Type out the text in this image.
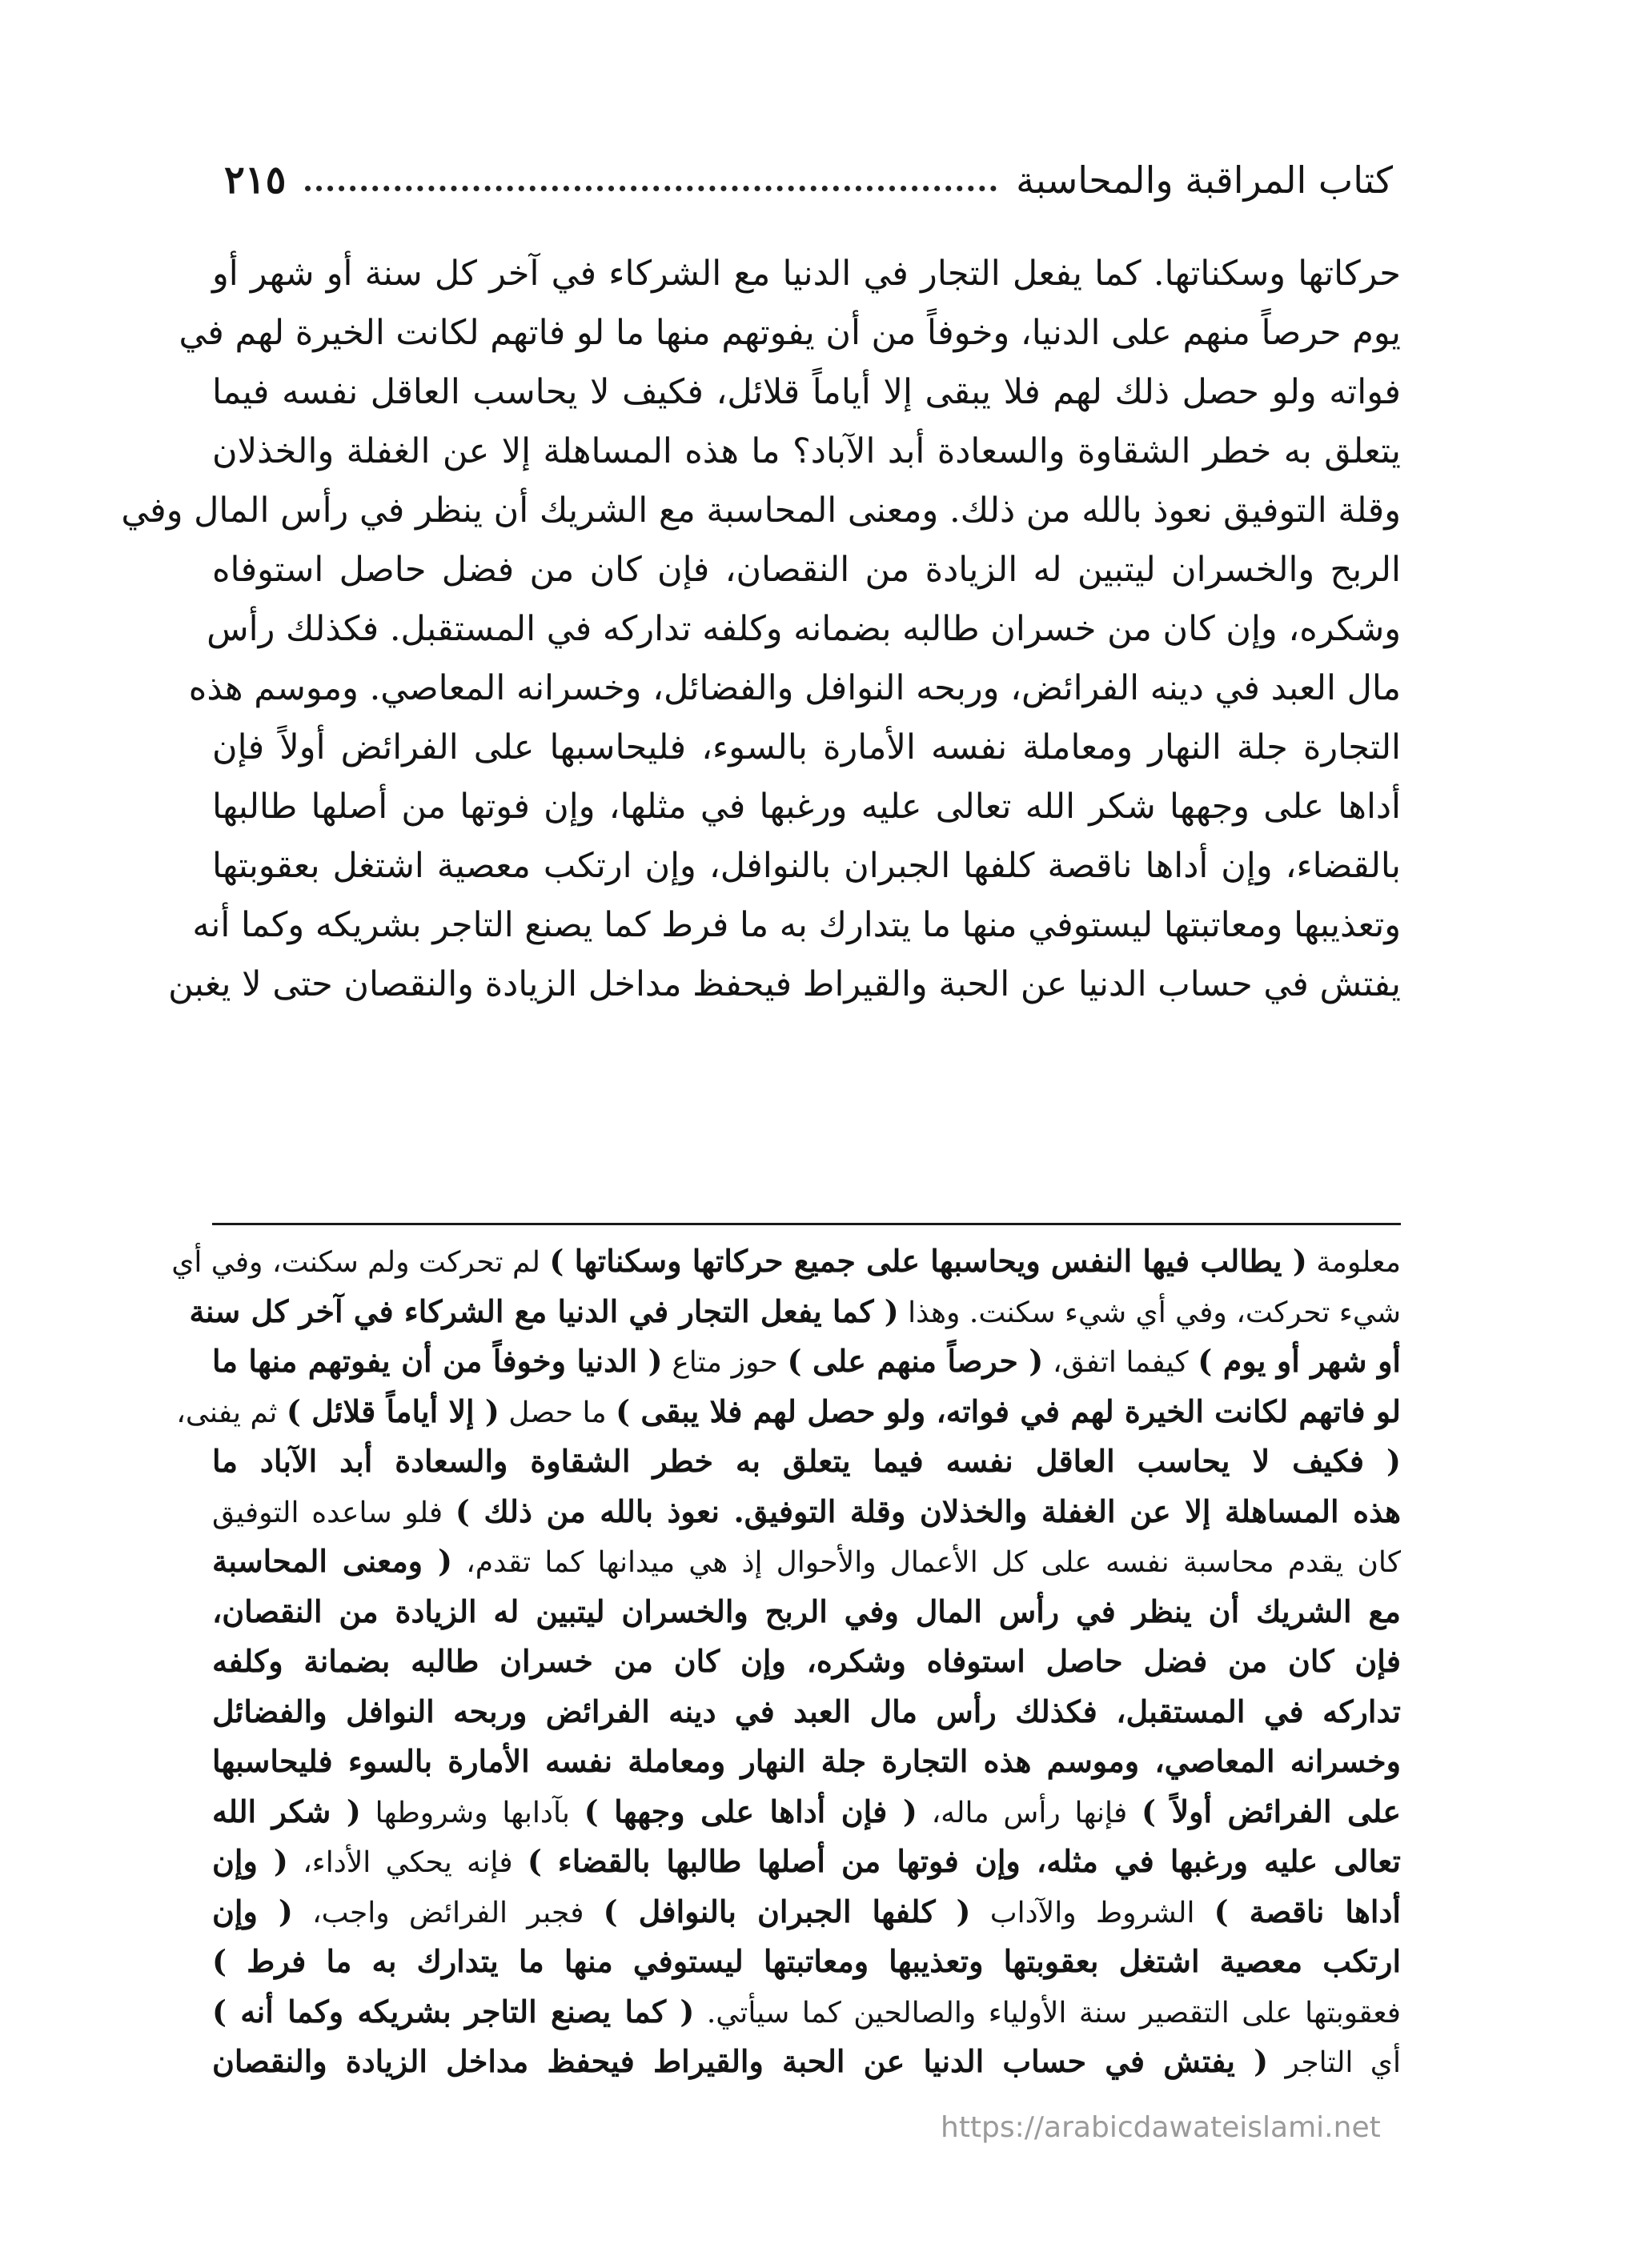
كتاب المراقبة والمحاسبة
٢١٥
حركاتها وسكناتها. كما يفعل التجار في الدنيا مع الشركاء في آخر كل سنة أو شهر أو
يوم حرصاً منهم على الدنيا، وخوفاً من أن يفوتهم منها ما لو فاتهم لكانت الخيرة لهم في
فواته ولو حصل ذلك لهم فلا يبقى إلا أياماً قلائل، فكيف لا يحاسب العاقل نفسه فيما
يتعلق به خطر الشقاوة والسعادة أبد الآباد؟ ما هذه المساهلة إلا عن الغفلة والخذلان
وقلة التوفيق نعوذ بالله من ذلك. ومعنى المحاسبة مع الشريك أن ينظر في رأس المال وفي
الربح والخسران ليتبين له الزيادة من النقصان، فإن كان من فضل حاصل استوفاه
وشكره، وإن كان من خسران طالبه بضمانه وكلفه تداركه في المستقبل. فكذلك رأس
مال العبد في دينه الفرائض، وربحه النوافل والفضائل، وخسرانه المعاصي. وموسم هذه
التجارة جلة النهار ومعاملة نفسه الأمارة بالسوء، فليحاسبها على الفرائض أولاً فإن
أداها على وجهها شكر الله تعالى عليه ورغبها في مثلها، وإن فوتها من أصلها طالبها
بالقضاء، وإن أداها ناقصة كلفها الجبران بالنوافل، وإن ارتكب معصية اشتغل بعقوبتها
وتعذيبها ومعاتبتها ليستوفي منها ما يتدارك به ما فرط كما يصنع التاجر بشريكه وكما أنه
يفتش في حساب الدنيا عن الحبة والقيراط فيحفظ مداخل الزيادة والنقصان حتى لا يغبن
معلومة ( يطالب فيها النفس ويحاسبها على جميع حركاتها وسكناتها ) لم تحركت ولم سكنت، وفي أي
شيء تحركت، وفي أي شيء سكنت. وهذا ( كما يفعل التجار في الدنيا مع الشركاء في آخر كل سنة
أو شهر أو يوم ) كيفما اتفق، ( حرصاً منهم على ) حوز متاع ( الدنيا وخوفاً من أن يفوتهم منها ما
لو فاتهم لكانت الخيرة لهم في فواته، ولو حصل لهم فلا يبقى ) ما حصل ( إلا أياماً قلائل ) ثم يفنى،
( فكيف لا يحاسب العاقل نفسه فيما يتعلق به خطر الشقاوة والسعادة أبد الآباد ما
هذه المساهلة إلا عن الغفلة والخذلان وقلة التوفيق. نعوذ بالله من ذلك ) فلو ساعده التوفيق
كان يقدم محاسبة نفسه على كل الأعمال والأحوال إذ هي ميدانها كما تقدم، ( ومعنى المحاسبة
مع الشريك أن ينظر في رأس المال وفي الربح والخسران ليتبين له الزيادة من النقصان،
فإن كان من فضل حاصل استوفاه وشكره، وإن كان من خسران طالبه بضمانة وكلفه
تداركه في المستقبل، فكذلك رأس مال العبد في دينه الفرائض وربحه النوافل والفضائل
وخسرانه المعاصي، وموسم هذه التجارة جلة النهار ومعاملة نفسه الأمارة بالسوء فليحاسبها
على الفرائض أولاً ) فإنها رأس ماله، ( فإن أداها على وجهها ) بآدابها وشروطها ( شكر الله
تعالى عليه ورغبها في مثله، وإن فوتها من أصلها طالبها بالقضاء ) فإنه يحكي الأداء، ( وإن
أداها ناقصة ) الشروط والآداب ( كلفها الجبران بالنوافل ) فجبر الفرائض واجب، ( وإن
ارتكب معصية اشتغل بعقوبتها وتعذيبها ومعاتبتها ليستوفي منها ما يتدارك به ما فرط )
فعقوبتها على التقصير سنة الأولياء والصالحين كما سيأتي. ( كما يصنع التاجر بشريكه وكما أنه )
أي التاجر ( يفتش في حساب الدنيا عن الحبة والقيراط فيحفظ مداخل الزيادة والنقصان
https://arabicdawateislami.net
